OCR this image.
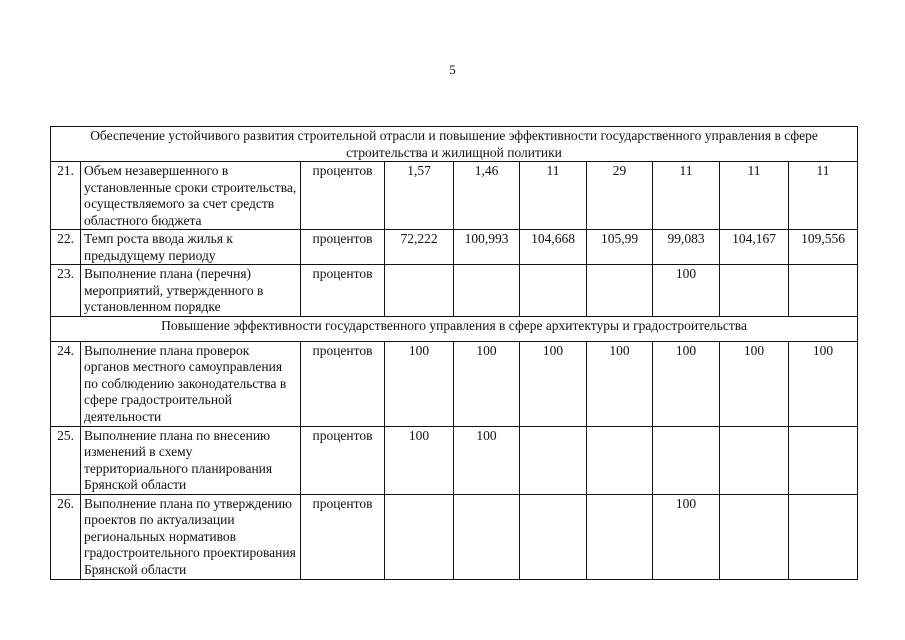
5
Обеспечение устойчивого развития строительной отрасли и повышение эффективности государственного управления в сфере строительства и жилищной политики									
21.	Объем незавершенного в установленные сроки строительства, осуществляемого за счет средств областного бюджета	процентов	1,57	1,46	11	29	11	11	11
22.	Темп роста ввода жилья к предыдущему периоду	процентов	72,222	100,993	104,668	105,99	99,083	104,167	109,556
23.	Выполнение плана (перечня) мероприятий, утвержденного в установленном порядке	процентов					100		
Повышение эффективности государственного управления в сфере архитектуры и градостроительства									
24.	Выполнение плана проверок органов местного самоуправления по соблюдению законодательства в сфере градостроительной деятельности	процентов	100	100	100	100	100	100	100
25.	Выполнение плана по внесению изменений в схему территориального планирования Брянской области	процентов	100	100					
26.	Выполнение плана по утверждению проектов по актуализации региональных нормативов градостроительного проектирования Брянской области	процентов					100		
